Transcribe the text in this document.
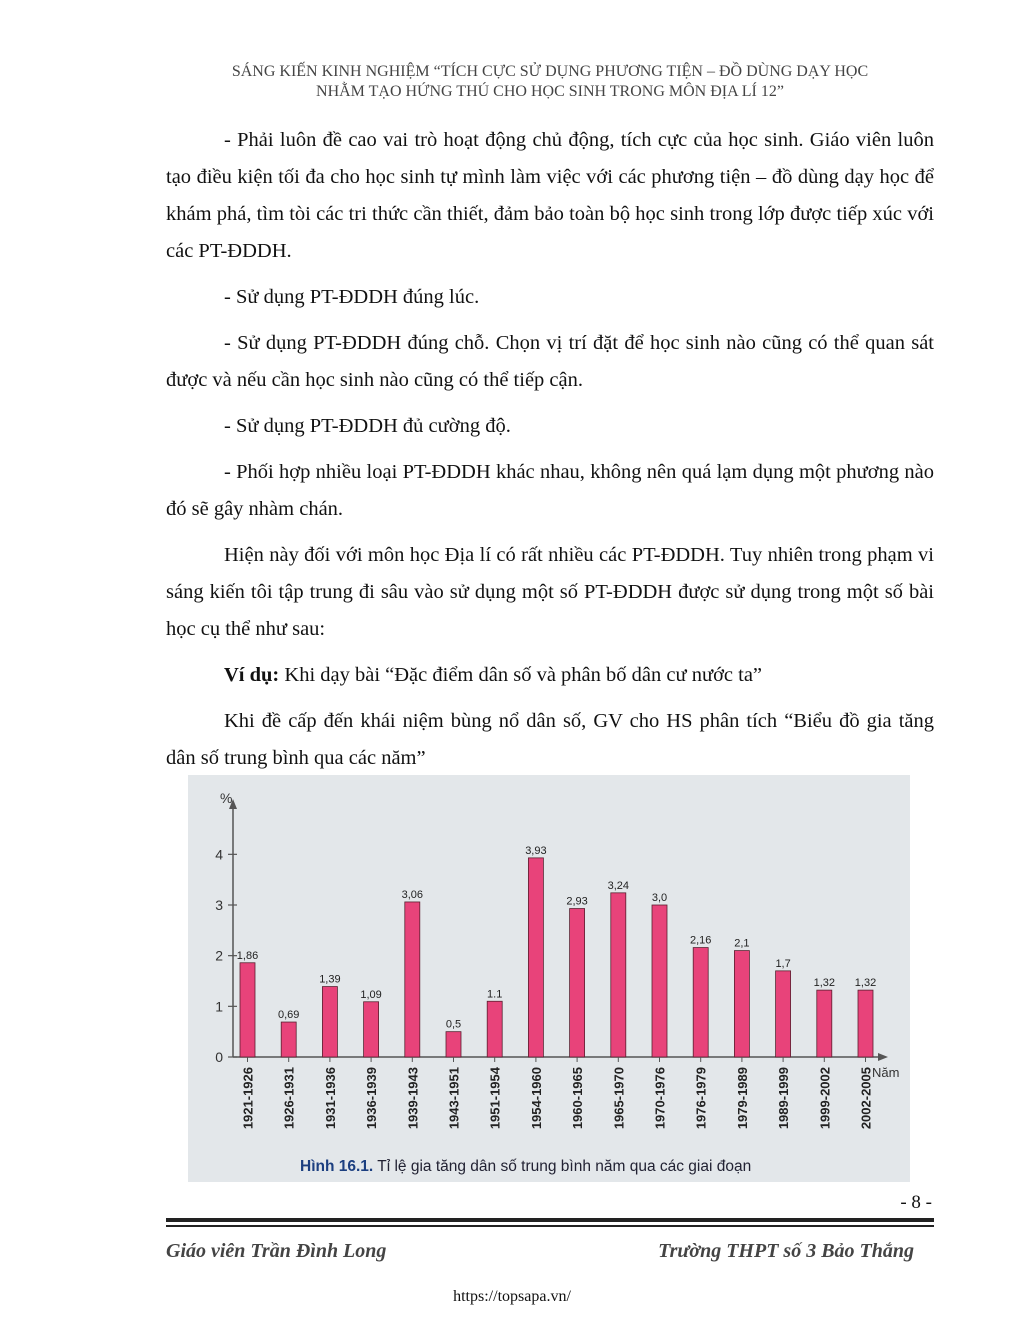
SÁNG KIẾN KINH NGHIỆM “TÍCH CỰC SỬ DỤNG PHƯƠNG TIỆN – ĐỒ DÙNG DẠY HỌC
NHẰM TẠO HỨNG THÚ CHO HỌC SINH TRONG MÔN ĐỊA LÍ 12”

- Phải luôn đề cao vai trò hoạt động chủ động, tích cực của học sinh. Giáo viên luôn tạo điều kiện tối đa cho học sinh tự mình làm việc với các phương tiện – đồ dùng dạy học để khám phá, tìm tòi các tri thức cần thiết, đảm bảo toàn bộ học sinh trong lớp được tiếp xúc với các PT-ĐDDH.

- Sử dụng PT-ĐDDH đúng lúc.

- Sử dụng PT-ĐDDH đúng chỗ. Chọn vị trí đặt để học sinh nào cũng có thể quan sát được và nếu cần học sinh nào cũng có thể tiếp cận.

- Sử dụng PT-ĐDDH đủ cường độ.

- Phối hợp nhiều loại PT-ĐDDH khác nhau, không nên quá lạm dụng một phương nào đó sẽ gây nhàm chán.

Hiện này đối với môn học Địa lí có rất nhiều các PT-ĐDDH. Tuy nhiên trong phạm vi sáng kiến tôi tập trung đi sâu vào sử dụng một số PT-ĐDDH được sử dụng trong một số bài học cụ thể như sau:

Ví dụ: Khi dạy bài “Đặc điểm dân số và phân bố dân cư nước ta”

Khi đề cấp đến khái niệm bùng nổ dân số, GV cho HS phân tích “Biểu đồ gia tăng dân số trung bình qua các năm”

%
Năm
0
1
2
3
4
1,86
1921-1926
0,69
1926-1931
1,39
1931-1936
1,09
1936-1939
3,06
1939-1943
0,5
1943-1951
1.1
1951-1954
3,93
1954-1960
2,93
1960-1965
3,24
1965-1970
3,0
1970-1976
2,16
1976-1979
2,1
1979-1989
1,7
1989-1999
1,32
1999-2002
1,32
2002-2005
Hình 16.1. Tỉ lệ gia tăng dân số trung bình năm qua các giai đoạn
- 8 -
Giáo viên Trần Đình Long	Trường THPT số 3 Bảo Thắng
https://topsapa.vn/
